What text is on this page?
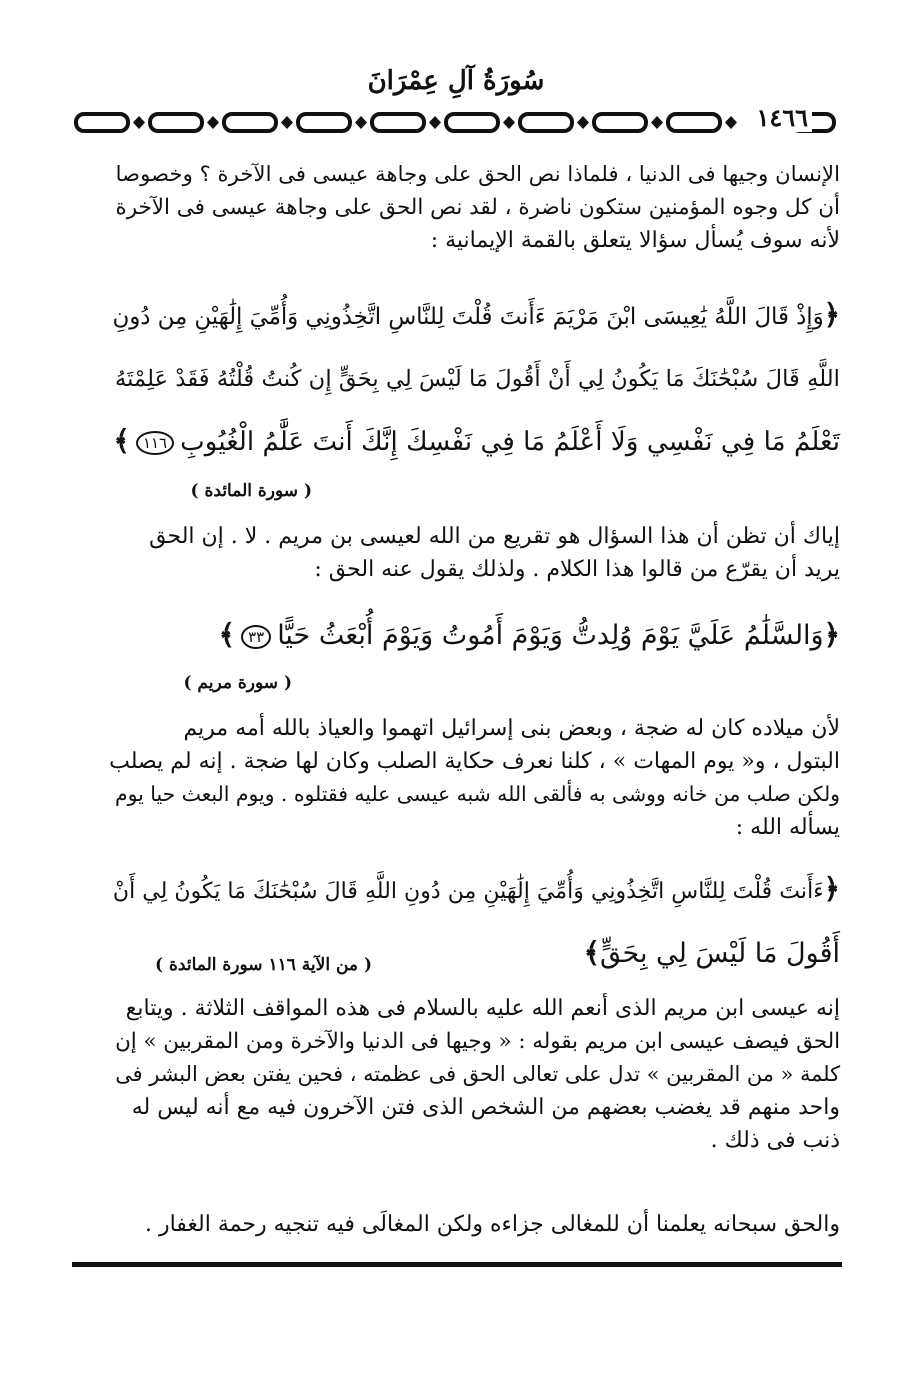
سُورَةُ آلِ عِمْرَانَ
١٤٦٦
الإنسان وجيها فى الدنيا ، فلماذا نص الحق على وجاهة عيسى فى الآخرة ؟ وخصوصا
أن كل وجوه المؤمنين ستكون ناضرة ، لقد نص الحق على وجاهة عيسى فى الآخرة
لأنه سوف يُسأل سؤالا يتعلق بالقمة الإيمانية :
﴿وَإِذْ قَالَ اللَّهُ يَٰعِيسَى ابْنَ مَرْيَمَ ءَأَنتَ قُلْتَ لِلنَّاسِ اتَّخِذُونِي وَأُمِّيَ إِلَٰهَيْنِ مِن دُونِ
اللَّهِ قَالَ سُبْحَٰنَكَ مَا يَكُونُ لِي أَنْ أَقُولَ مَا لَيْسَ لِي بِحَقٍّ إِن كُنتُ قُلْتُهُ فَقَدْ عَلِمْتَهُ
تَعْلَمُ مَا فِي نَفْسِي وَلَا أَعْلَمُ مَا فِي نَفْسِكَ إِنَّكَ أَنتَ عَلَّٰمُ الْغُيُوبِ١١٦﴾
( سورة المائدة )
إياك أن تظن أن هذا السؤال هو تقريع من الله لعيسى بن مريم . لا . إن الحق
يريد أن يقرّع من قالوا هذا الكلام . ولذلك يقول عنه الحق :
﴿وَالسَّلَٰمُ عَلَيَّ يَوْمَ وُلِدتُّ وَيَوْمَ أَمُوتُ وَيَوْمَ أُبْعَثُ حَيًّا٣٣﴾
( سورة مريم )
لأن ميلاده كان له ضجة ، وبعض بنى إسرائيل اتهموا والعياذ بالله أمه مريم
البتول ، و« يوم المهات » ، كلنا نعرف حكاية الصلب وكان لها ضجة . إنه لم يصلب
ولكن صلب من خانه ووشى به فألقى الله شبه عيسى عليه فقتلوه . ويوم البعث حيا يوم
يسأله الله :
﴿ءَأَنتَ قُلْتَ لِلنَّاسِ اتَّخِذُونِي وَأُمِّيَ إِلَٰهَيْنِ مِن دُونِ اللَّهِ قَالَ سُبْحَٰنَكَ مَا يَكُونُ لِي أَنْ
أَقُولَ مَا لَيْسَ لِي بِحَقٍّ﴾
( من الآية ١١٦ سورة المائدة )
إنه عيسى ابن مريم الذى أنعم الله عليه بالسلام فى هذه المواقف الثلاثة . ويتابع
الحق فيصف عيسى ابن مريم بقوله : « وجيها فى الدنيا والآخرة ومن المقربين » إن
كلمة « من المقربين » تدل على تعالى الحق فى عظمته ، فحين يفتن بعض البشر فى
واحد منهم قد يغضب بعضهم من الشخص الذى فتن الآخرون فيه مع أنه ليس له
ذنب فى ذلك .
والحق سبحانه يعلمنا أن للمغالى جزاءه ولكن المغالَى فيه تنجيه رحمة الغفار .
